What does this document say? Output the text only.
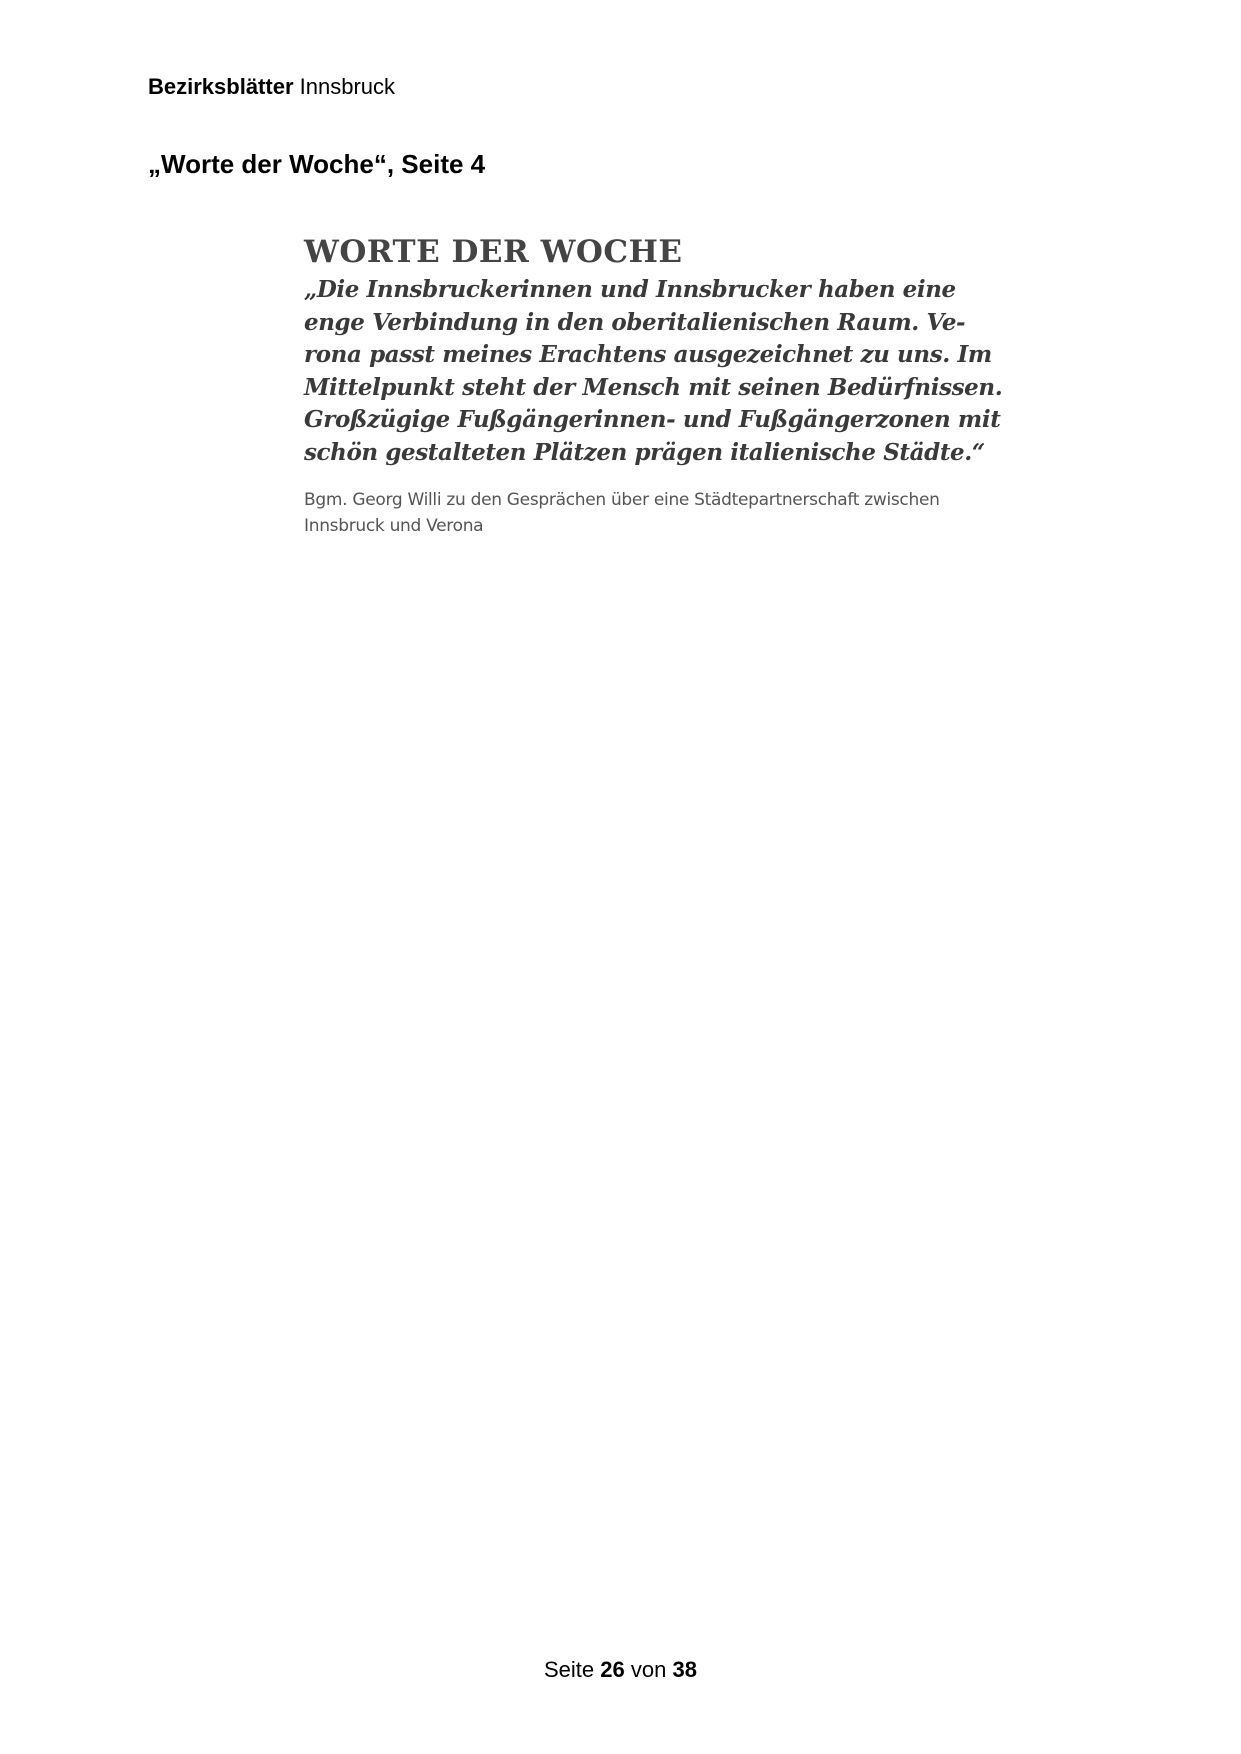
Bezirksblätter Innsbruck
„Worte der Woche“, Seite 4
WORTE DER WOCHE

„Die Innsbruckerinnen und Innsbrucker haben eine
enge Verbindung in den oberitalienischen Raum. Ve-
rona passt meines Erachtens ausgezeichnet zu uns. Im
Mittelpunkt steht der Mensch mit seinen Bedürfnissen.
Großzügige Fußgängerinnen- und Fußgängerzonen mit
schön gestalteten Plätzen prägen italienische Städte.“

Bgm. Georg Willi zu den Gesprächen über eine Städtepartnerschaft zwischen
Innsbruck und Verona
Seite 26 von 38
